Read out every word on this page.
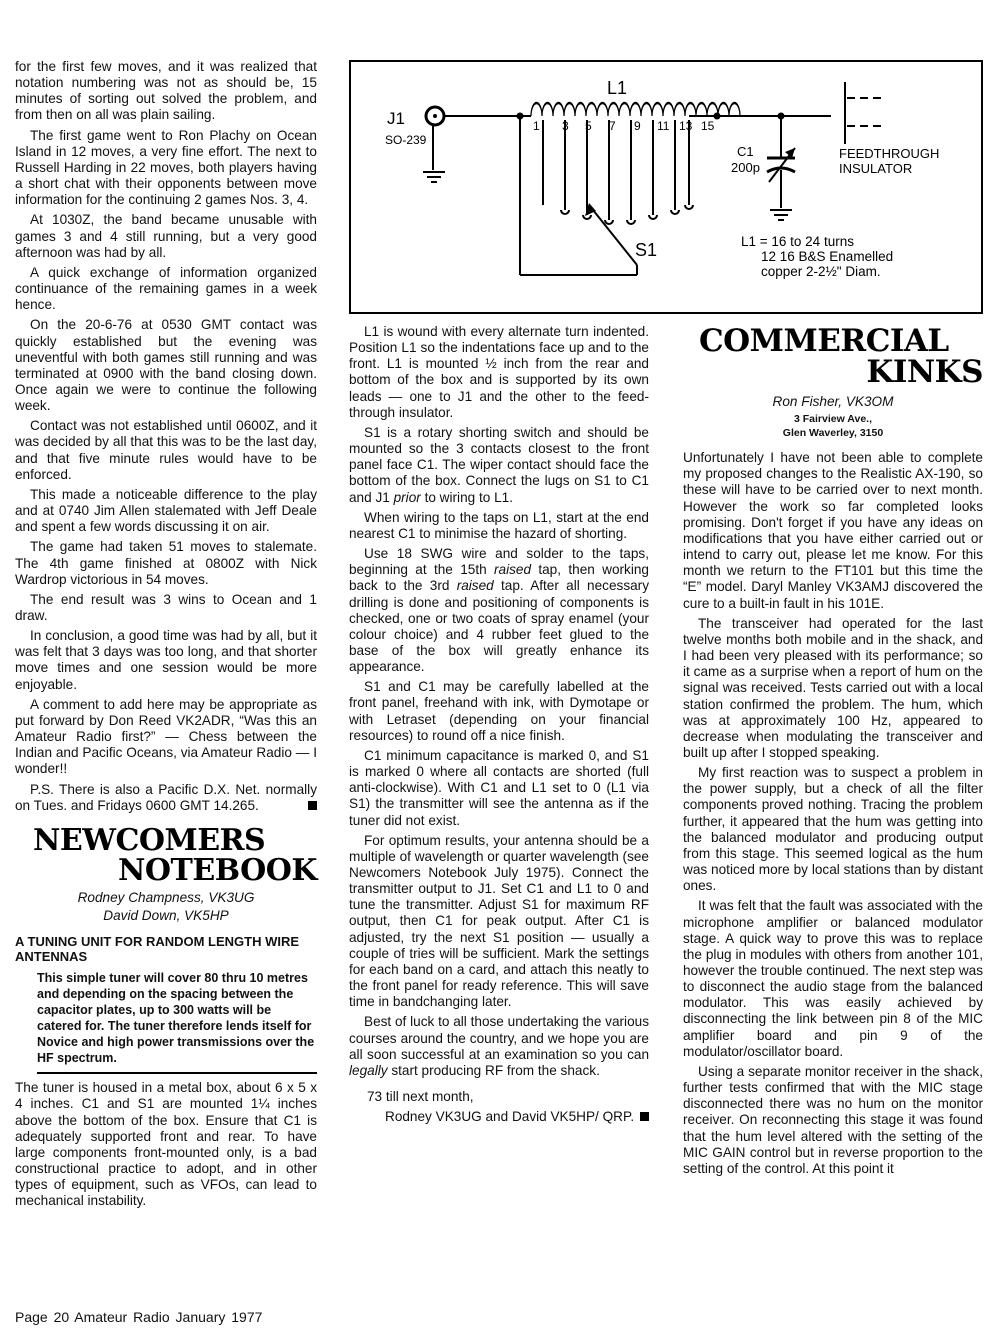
for the first few moves, and it was realized that notation numbering was not as should be, 15 minutes of sorting out solved the problem, and from then on all was plain sailing.

The first game went to Ron Plachy on Ocean Island in 12 moves, a very fine effort. The next to Russell Harding in 22 moves, both players having a short chat with their opponents between move information for the continuing 2 games Nos. 3, 4.

At 1030Z, the band became unusable with games 3 and 4 still running, but a very good afternoon was had by all.

A quick exchange of information organized continuance of the remaining games in a week hence.

On the 20-6-76 at 0530 GMT contact was quickly established but the evening was uneventful with both games still running and was terminated at 0900 with the band closing down. Once again we were to continue the following week.

Contact was not established until 0600Z, and it was decided by all that this was to be the last day, and that five minute rules would have to be enforced.

This made a noticeable difference to the play and at 0740 Jim Allen stalemated with Jeff Deale and spent a few words discussing it on air.

The game had taken 51 moves to stalemate. The 4th game finished at 0800Z with Nick Wardrop victorious in 54 moves.

The end result was 3 wins to Ocean and 1 draw.

In conclusion, a good time was had by all, but it was felt that 3 days was too long, and that shorter move times and one session would be more enjoyable.

A comment to add here may be appropriate as put forward by Don Reed VK2ADR, “Was this an Amateur Radio first?” — Chess between the Indian and Pacific Oceans, via Amateur Radio — I wonder!!

P.S. There is also a Pacific D.X. Net. normally on Tues. and Fridays 0600 GMT 14.265.

NEWCOMERS
NOTEBOOK
Rodney Champness, VK3UG
David Down, VK5HP
A TUNING UNIT FOR RANDOM LENGTH WIRE ANTENNAS
This simple tuner will cover 80 thru 10 metres and depending on the spacing between the capacitor plates, up to 300 watts will be catered for. The tuner therefore lends itself for Novice and high power transmissions over the HF spectrum.

The tuner is housed in a metal box, about 6 x 5 x 4 inches. C1 and S1 are mounted 1¼ inches above the bottom of the box. Ensure that C1 is adequately supported front and rear. To have large components front-mounted only, is a bad constructional practice to adopt, and in other types of equipment, such as VFOs, can lead to mechanical instability.

J1
SO-239
L1
1 3 5 7 9 11 13 15
S1
C1
200p
FEEDTHROUGH
INSULATOR
L1 = 16 to 24 turns
12 16 B&S Enamelled
copper 2-2½" Diam.

L1 is wound with every alternate turn indented. Position L1 so the indentations face up and to the front. L1 is mounted ½ inch from the rear and bottom of the box and is supported by its own leads — one to J1 and the other to the feed-through insulator.

S1 is a rotary shorting switch and should be mounted so the 3 contacts closest to the front panel face C1. The wiper contact should face the bottom of the box. Connect the lugs on S1 to C1 and J1 prior to wiring to L1.

When wiring to the taps on L1, start at the end nearest C1 to minimise the hazard of shorting.

Use 18 SWG wire and solder to the taps, beginning at the 15th raised tap, then working back to the 3rd raised tap. After all necessary drilling is done and positioning of components is checked, one or two coats of spray enamel (your colour choice) and 4 rubber feet glued to the base of the box will greatly enhance its appearance.

S1 and C1 may be carefully labelled at the front panel, freehand with ink, with Dymotape or with Letraset (depending on your financial resources) to round off a nice finish.

C1 minimum capacitance is marked 0, and S1 is marked 0 where all contacts are shorted (full anti-clockwise). With C1 and L1 set to 0 (L1 via S1) the transmitter will see the antenna as if the tuner did not exist.

For optimum results, your antenna should be a multiple of wavelength or quarter wavelength (see Newcomers Notebook July 1975). Connect the transmitter output to J1. Set C1 and L1 to 0 and tune the transmitter. Adjust S1 for maximum RF output, then C1 for peak output. After C1 is adjusted, try the next S1 position — usually a couple of tries will be sufficient. Mark the settings for each band on a card, and attach this neatly to the front panel for ready reference. This will save time in bandchanging later.

Best of luck to all those undertaking the various courses around the country, and we hope you are all soon successful at an examination so you can legally start producing RF from the shack.

73 till next month,

Rodney VK3UG and David VK5HP/ QRP.

COMMERCIAL
KINKS
Ron Fisher, VK3OM
3 Fairview Ave.,
Glen Waverley, 3150

Unfortunately I have not been able to complete my proposed changes to the Realistic AX-190, so these will have to be carried over to next month. However the work so far completed looks promising. Don't forget if you have any ideas on modifications that you have either carried out or intend to carry out, please let me know. For this month we return to the FT101 but this time the “E” model. Daryl Manley VK3AMJ discovered the cure to a built-in fault in his 101E.

The transceiver had operated for the last twelve months both mobile and in the shack, and I had been very pleased with its performance; so it came as a surprise when a report of hum on the signal was received. Tests carried out with a local station confirmed the problem. The hum, which was at approximately 100 Hz, appeared to decrease when modulating the transceiver and built up after I stopped speaking.

My first reaction was to suspect a problem in the power supply, but a check of all the filter components proved nothing. Tracing the problem further, it appeared that the hum was getting into the balanced modulator and producing output from this stage. This seemed logical as the hum was noticed more by local stations than by distant ones.

It was felt that the fault was associated with the microphone amplifier or balanced modulator stage. A quick way to prove this was to replace the plug in modules with others from another 101, however the trouble continued. The next step was to disconnect the audio stage from the balanced modulator. This was easily achieved by disconnecting the link between pin 8 of the MIC amplifier board and pin 9 of the modulator/oscillator board.

Using a separate monitor receiver in the shack, further tests confirmed that with the MIC stage disconnected there was no hum on the monitor receiver. On reconnecting this stage it was found that the hum level altered with the setting of the MIC GAIN control but in reverse proportion to the setting of the control. At this point it

Page 20 Amateur Radio January 1977
